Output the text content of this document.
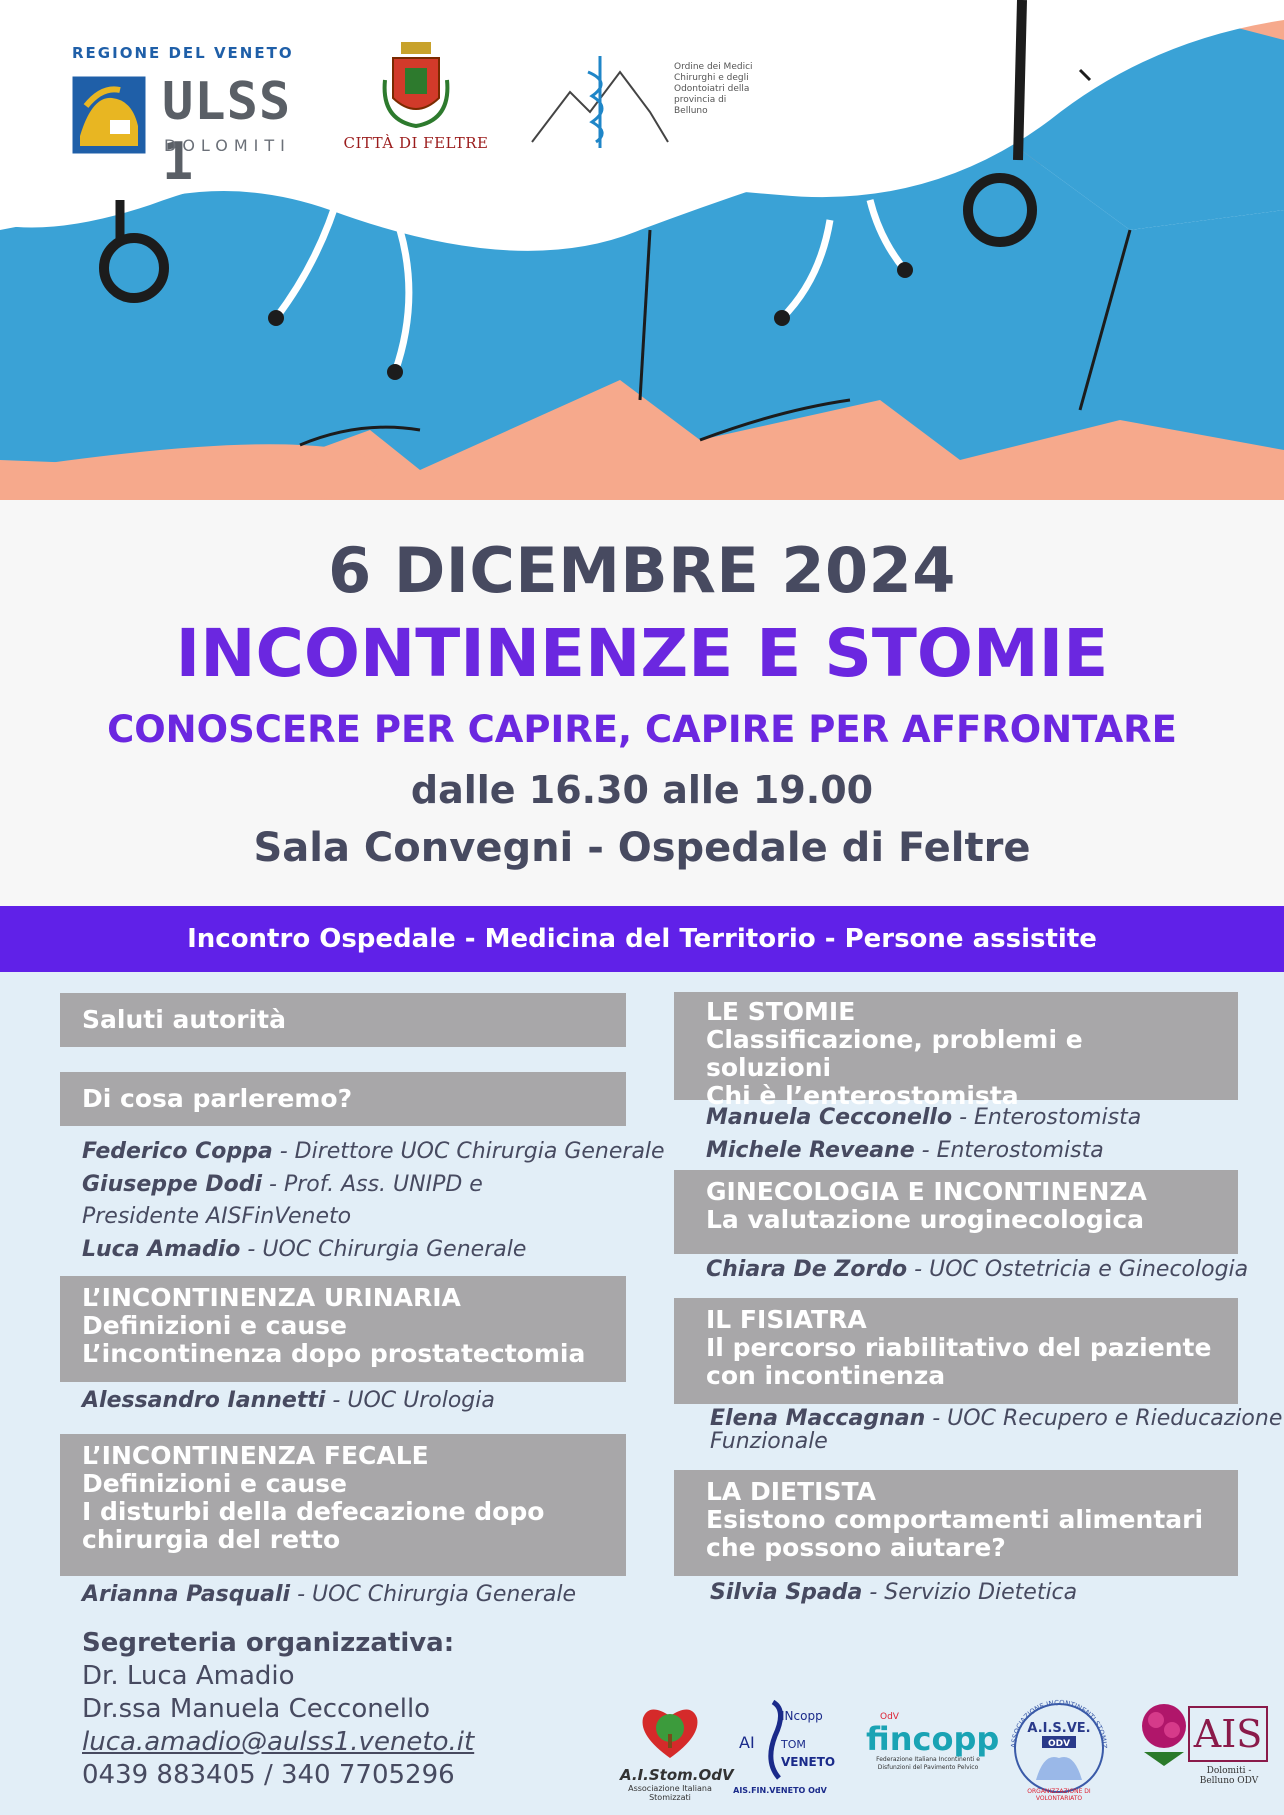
REGIONE DEL VENETO
ULSS 1
DOLOMITI	CITTÀ DI FELTRE
Ordine dei Medici Chirurghi e degli Odontoiatri della provincia di Belluno
6 DICEMBRE 2024
INCONTINENZE E STOMIE
CONOSCERE PER CAPIRE, CAPIRE PER AFFRONTARE
dalle 16.30 alle 19.00
Sala Convegni - Ospedale di Feltre
Incontro Ospedale - Medicina del Territorio - Persone assistite
Saluti autorità
Di cosa parleremo?
Federico Coppa - Direttore UOC Chirurgia Generale
Giuseppe Dodi - Prof. Ass. UNIPD e
Presidente AISFinVeneto
Luca Amadio - UOC Chirurgia Generale
L’INCONTINENZA URINARIA
Definizioni e cause
L’incontinenza dopo prostatectomia
Alessandro Iannetti - UOC Urologia
L’INCONTINENZA FECALE
Definizioni e cause
I disturbi della defecazione dopo
chirurgia del retto
Arianna Pasquali - UOC Chirurgia Generale
LE STOMIE
Classificazione, problemi e soluzioni
Chi è l’enterostomista
Manuela Cecconello - Enterostomista
Michele Reveane - Enterostomista
GINECOLOGIA E INCONTINENZA
La valutazione uroginecologica
Chiara De Zordo - UOC Ostetricia e Ginecologia
IL FISIATRA
Il percorso riabilitativo del paziente
con incontinenza
Elena Maccagnan - UOC Recupero e Rieducazione
Funzionale
LA DIETISTA
Esistono comportamenti alimentari
che possono aiutare?
Silvia Spada - Servizio Dietetica
Segreteria organizzativa:
Dr. Luca Amadio
Dr.ssa Manuela Cecconello
luca.amadio@aulss1.veneto.it
0439 883405 / 340 7705296	A.I.Stom.OdV
Associazione Italiana Stomizzati
INcopp
AI TOM
VENETO
AIS.FIN.VENETO OdV
OdV
fincopp
Federazione Italiana Incontinenti e Disfunzioni del Pavimento Pelvico
ASSOCIAZIONE INCONTINENTI STOMIZ
A.I.S.VE.
ODV
ORGANIZZAZIONE DI VOLONTARIATO
AIS
Dolomiti - Belluno ODV
